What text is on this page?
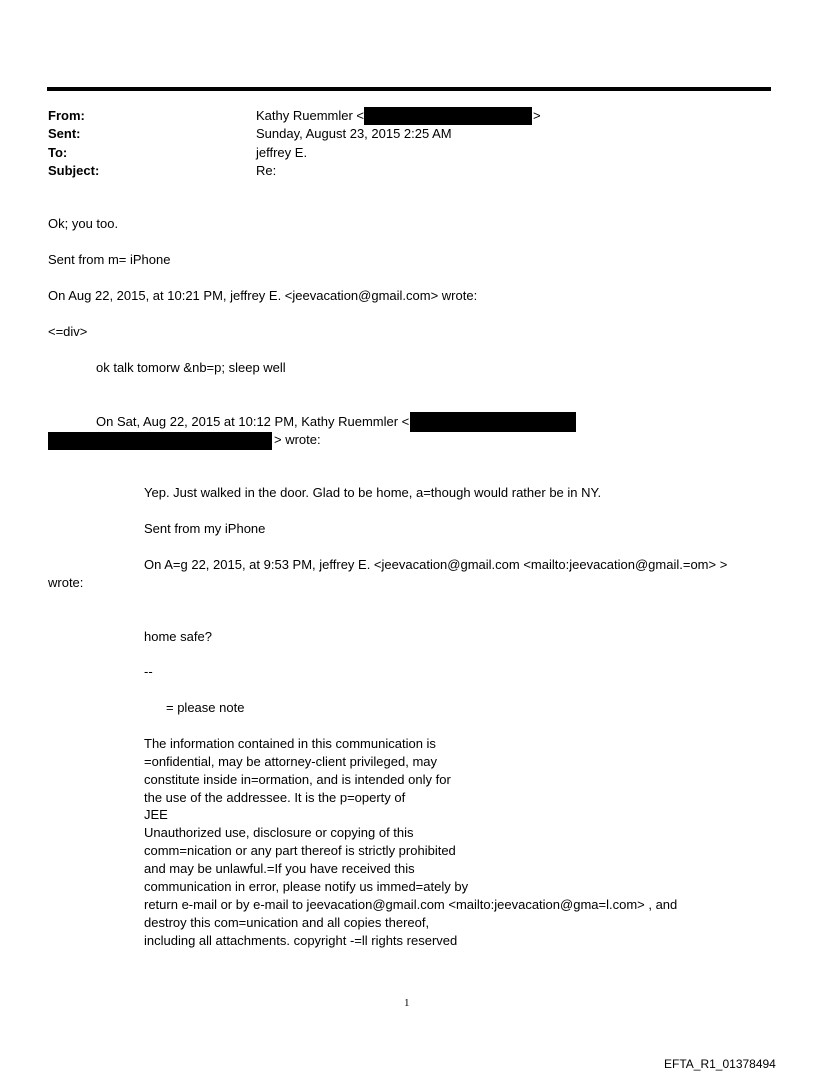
From:	Kathy Ruemmler <	>
Sent:	Sunday, August 23, 2015 2:25 AM
To:	jeffrey E.
Subject:	Re:
Ok; you too.
Sent from m= iPhone
On Aug 22, 2015, at 10:21 PM, jeffrey E. <jeevacation@gmail.com> wrote:
<=div>
ok talk tomorw &nb=p; sleep well
On Sat, Aug 22, 2015 at 10:12 PM, Kathy Ruemmler <
> wrote:
Yep. Just walked in the door. Glad to be home, a=though would rather be in NY.
Sent from my iPhone
On A=g 22, 2015, at 9:53 PM, jeffrey E. <jeevacation@gmail.com <mailto:jeevacation@gmail.=om> >
wrote:
home safe?
--
= please note
The information contained in this communication is
=onfidential, may be attorney-client privileged, may
constitute inside in=ormation, and is intended only for
the use of the addressee. It is the p=operty of
JEE
Unauthorized use, disclosure or copying of this
comm=nication or any part thereof is strictly prohibited
and may be unlawful.=If you have received this
communication in error, please notify us immed=ately by
return e-mail or by e-mail to jeevacation@gmail.com <mailto:jeevacation@gma=l.com> , and
destroy this com=unication and all copies thereof,
including all attachments. copyright -=ll rights reserved
1
EFTA_R1_01378494
